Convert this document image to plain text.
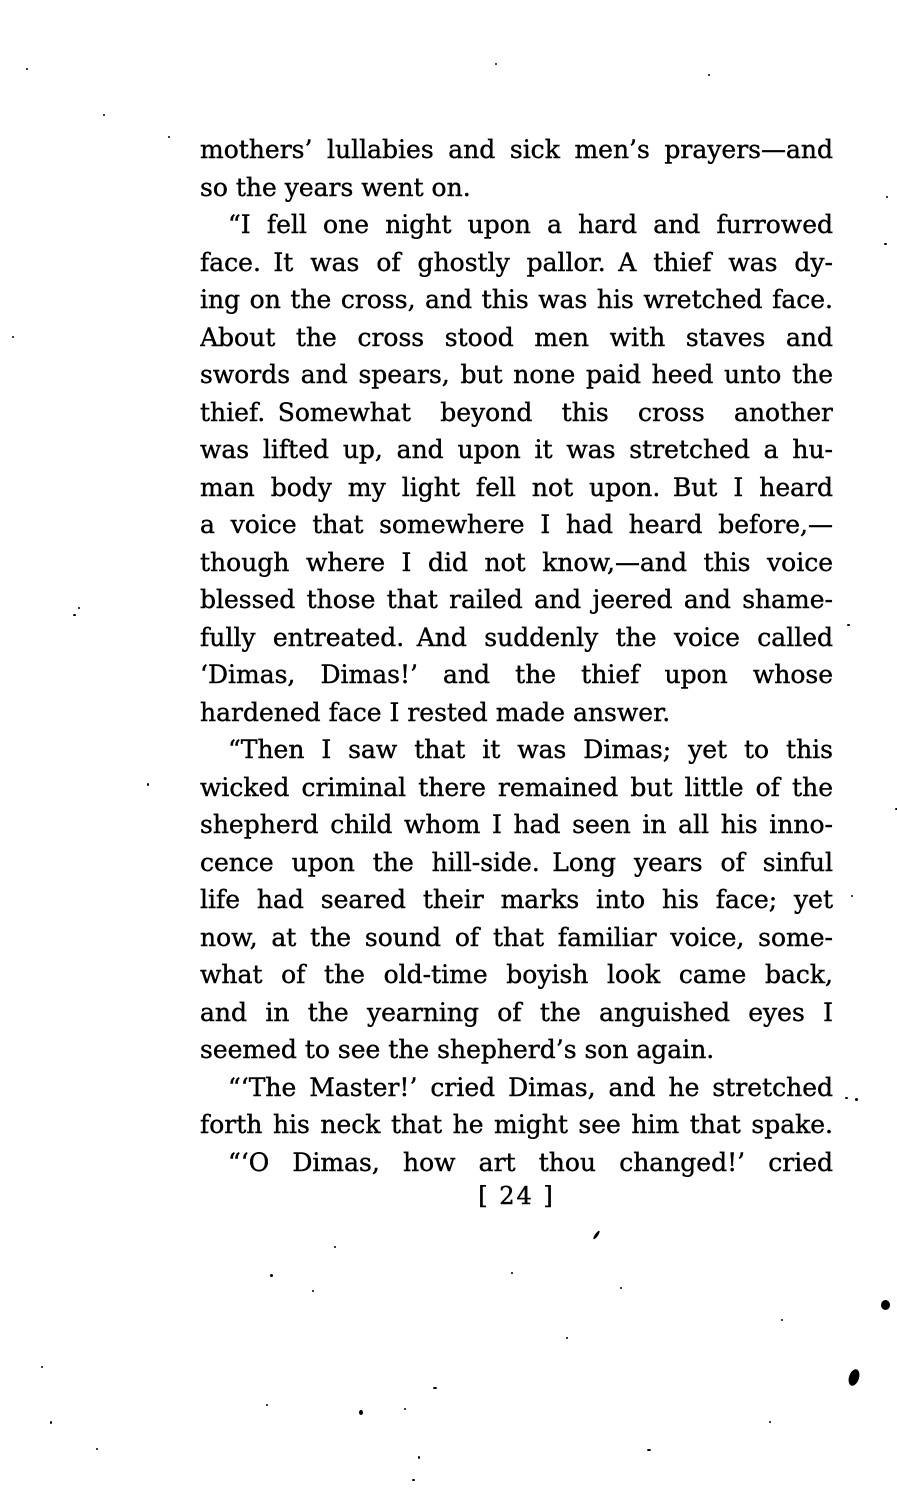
mothers’ lullabies and sick men’s prayers—and
so the years went on.
“I fell one night upon a hard and furrowed
face. It was of ghostly pallor. A thief was dy-
ing on the cross, and this was his wretched face.
About the cross stood men with staves and
swords and spears, but none paid heed unto the
thief. Somewhat beyond this cross another
was lifted up, and upon it was stretched a hu-
man body my light fell not upon. But I heard
a voice that somewhere I had heard before,—
though where I did not know,—and this voice
blessed those that railed and jeered and shame-
fully entreated. And suddenly the voice called
‘Dimas, Dimas!’ and the thief upon whose
hardened face I rested made answer.
“Then I saw that it was Dimas; yet to this
wicked criminal there remained but little of the
shepherd child whom I had seen in all his inno-
cence upon the hill-side. Long years of sinful
life had seared their marks into his face; yet
now, at the sound of that familiar voice, some-
what of the old-time boyish look came back,
and in the yearning of the anguished eyes I
seemed to see the shepherd’s son again.
“‘The Master!’ cried Dimas, and he stretched
forth his neck that he might see him that spake.
“‘O Dimas, how art thou changed!’ cried
[ 24 ]
